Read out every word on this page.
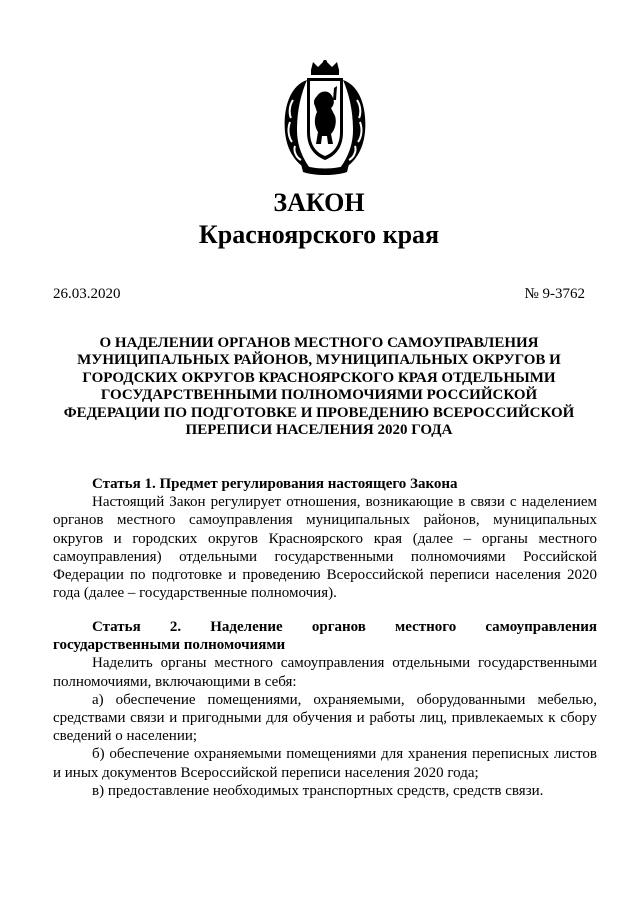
ЗАКОН
Красноярского края
26.03.2020	№ 9-3762
О НАДЕЛЕНИИ ОРГАНОВ МЕСТНОГО САМОУПРАВЛЕНИЯ
МУНИЦИПАЛЬНЫХ РАЙОНОВ, МУНИЦИПАЛЬНЫХ ОКРУГОВ И
ГОРОДСКИХ ОКРУГОВ КРАСНОЯРСКОГО КРАЯ ОТДЕЛЬНЫМИ
ГОСУДАРСТВЕННЫМИ ПОЛНОМОЧИЯМИ РОССИЙСКОЙ
ФЕДЕРАЦИИ ПО ПОДГОТОВКЕ И ПРОВЕДЕНИЮ ВСЕРОССИЙСКОЙ
ПЕРЕПИСИ НАСЕЛЕНИЯ 2020 ГОДА

Статья 1. Предмет регулирования настоящего Закона

Настоящий Закон регулирует отношения, возникающие в связи с наделением органов местного самоуправления муниципальных районов, муниципальных округов и городских округов Красноярского края (далее – органы местного самоуправления) отдельными государственными полномочиями Российской Федерации по подготовке и проведению Всероссийской переписи населения 2020 года (далее – государственные полномочия).

Статья 2. Наделение органов местного самоуправления

государственными полномочиями

Наделить органы местного самоуправления отдельными государственными полномочиями, включающими в себя:

а) обеспечение помещениями, охраняемыми, оборудованными мебелью, средствами связи и пригодными для обучения и работы лиц, привлекаемых к сбору сведений о населении;

б) обеспечение охраняемыми помещениями для хранения переписных листов и иных документов Всероссийской переписи населения 2020 года;

в) предоставление необходимых транспортных средств, средств связи.
